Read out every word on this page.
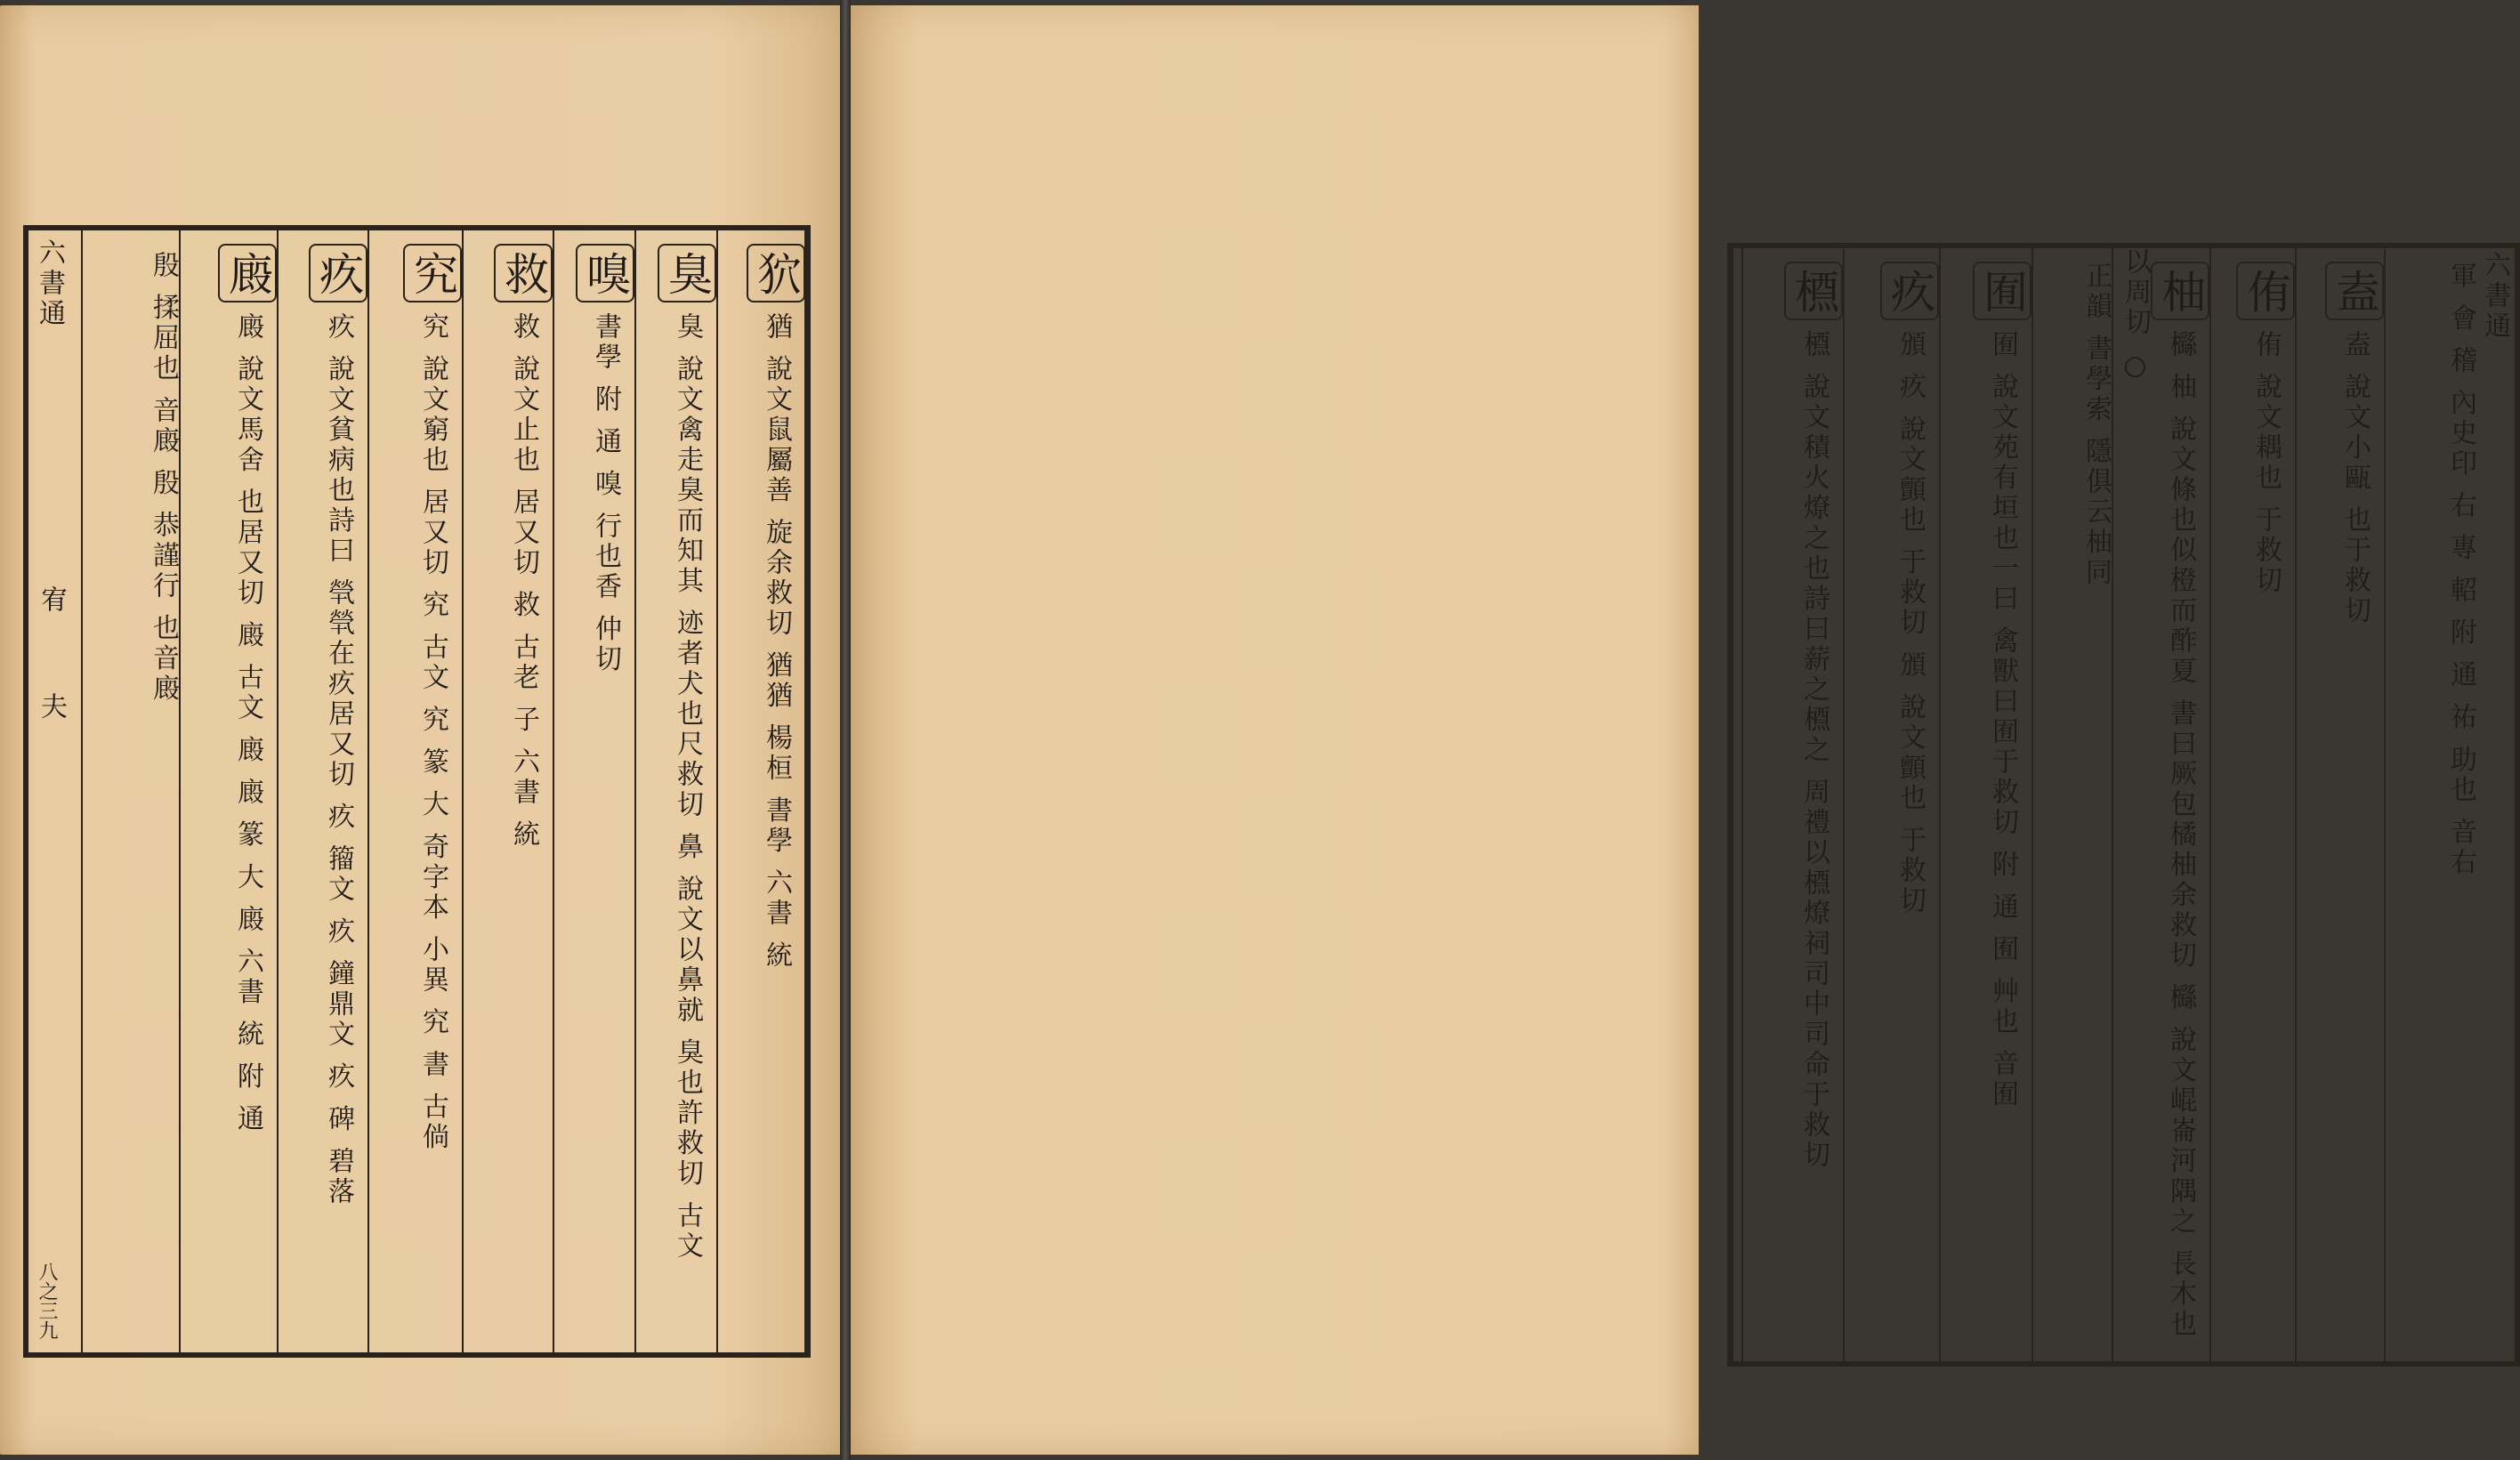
狖 猶 說文鼠屬善 旋余救切 猶猶 楊桓 書學 六書 統
臭 臭 說文禽走臭而知其 迹者犬也尺救切 鼻 說文以鼻就 臭也許救切 古文
嗅 書學 附 通 嗅 行也香 仲切
救 救 說文止也 居又切 救 古老 子 六書 統
究 究 說文窮也 居又切 究 古文 究 篆 大 奇字本 小異 究 書 古倘
疚 疚 說文貧病也詩曰 煢煢在疚居又切 疚 籀文 疚 鐘鼎文 疚 碑 碧落
廄 廄 說文馬舍 也居又切 廄 古文 廄 廄 篆 大 廄 六書 統 附 通
殷 揉屈也 音廄 殷 恭謹行 也音廄
六書通
宥
夫
八之三九
六書通
軍 會 稽 內史印 右 專 軺 附 通 祐 助也 音右
盍 盍 說文小甌 也于救切
侑 侑 說文耦也 于救切
柚 櫾 柚 說文條也似橙而酢夏 書曰厥包橘柚余救切 櫾 說文崐崙河隅之 長木也以周切 ○
正韻 書學索 隱俱云柚同
囿 囿 說文苑有垣也一曰 禽獸曰囿于救切 附 通 囿 艸也 音囿
疚 頒 疚 說文顫也 于救切 頒 說文顫也 于救切
槱 槱 說文積火燎之也詩曰薪之槱之 周禮以槱燎祠司中司命于救切
